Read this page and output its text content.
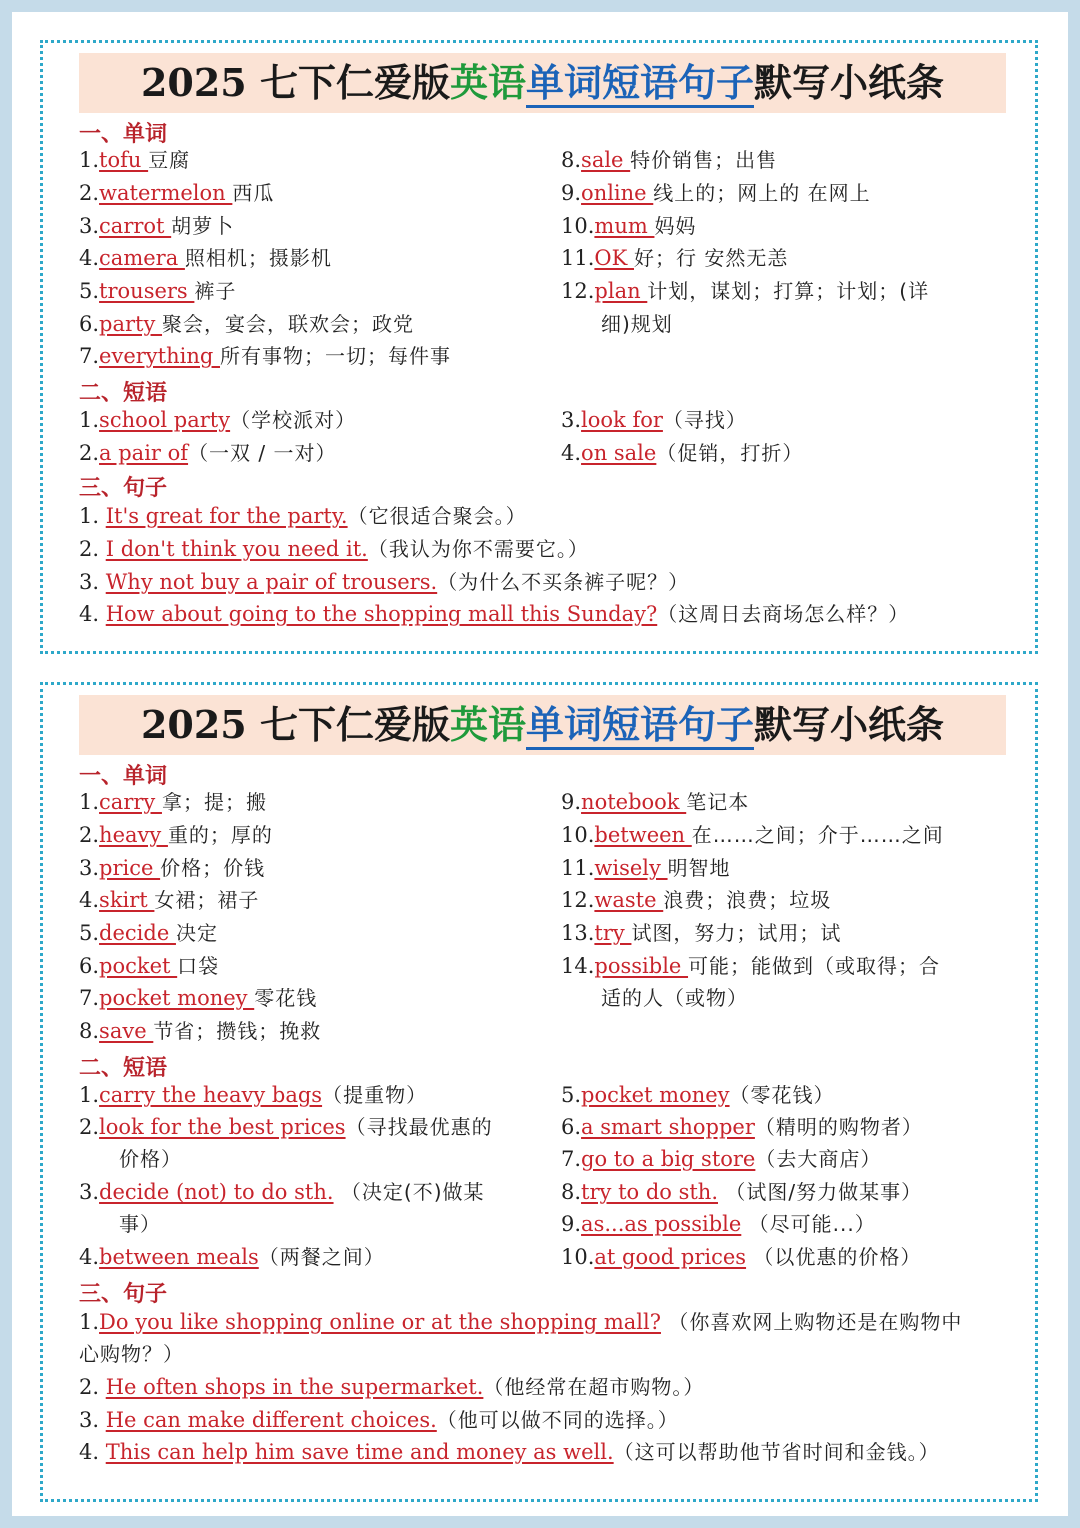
2025 七下仁爱版英语单词短语句子默写小纸条
一、单词
1.tofu 豆腐
2.watermelon 西瓜
3.carrot 胡萝卜
4.camera 照相机；摄影机
5.trousers 裤子
6.party 聚会，宴会，联欢会；政党
7.everything 所有事物；一切；每件事
8.sale 特价销售；出售
9.online 线上的；网上的 在网上
10.mum 妈妈
11.OK 好；行 安然无恙
12.plan 计划，谋划；打算；计划；(详
细)规划
二、短语
1.school party（学校派对）
2.a pair of（一双 / 一对）
3.look for（寻找）
4.on sale（促销，打折）
三、句子
1. It's great for the party.（它很适合聚会。）
2. I don't think you need it.（我认为你不需要它。）
3. Why not buy a pair of trousers.（为什么不买条裤子呢？）
4. How about going to the shopping mall this Sunday?（这周日去商场怎么样？）
2025 七下仁爱版英语单词短语句子默写小纸条
一、单词
1.carry 拿；提；搬
2.heavy 重的；厚的
3.price 价格；价钱
4.skirt 女裙；裙子
5.decide 决定
6.pocket 口袋
7.pocket money 零花钱
8.save 节省；攒钱；挽救
9.notebook 笔记本
10.between 在……之间；介于……之间
11.wisely 明智地
12.waste 浪费；浪费；垃圾
13.try 试图，努力；试用；试
14.possible 可能；能做到（或取得；合
适的人（或物）
二、短语
1.carry the heavy bags（提重物）
2.look for the best prices（寻找最优惠的
价格）
3.decide (not) to do sth. （决定(不)做某
事）
4.between meals（两餐之间）
5.pocket money（零花钱）
6.a smart shopper（精明的购物者）
7.go to a big store（去大商店）
8.try to do sth. （试图/努力做某事）
9.as...as possible （尽可能...）
10.at good prices （以优惠的价格）
三、句子
1.Do you like shopping online or at the shopping mall? （你喜欢网上购物还是在购物中
心购物？）
2. He often shops in the supermarket.（他经常在超市购物。）
3. He can make different choices.（他可以做不同的选择。）
4. This can help him save time and money as well.（这可以帮助他节省时间和金钱。）
